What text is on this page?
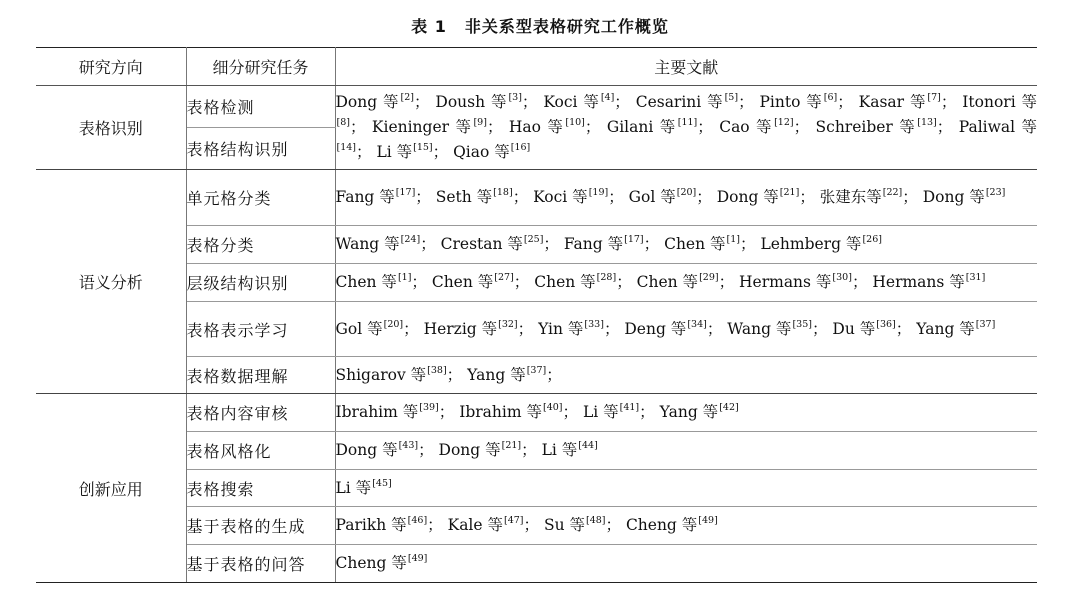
表 1 非关系型表格研究工作概览
研究方向	细分研究任务	主要文献
表格识别	表格检测	Dong 等[2]； Doush 等[3]； Koci 等[4]； Cesarini 等[5]； Pinto 等[6]； Kasar 等[7]； Itonori 等[8]； Kieninger 等[9]； Hao 等[10]； Gilani 等[11]； Cao 等[12]； Schreiber 等[13]； Paliwal 等[14]； Li 等[15]； Qiao 等[16]
	表格结构识别	
语义分析	单元格分类	Fang 等[17]； Seth 等[18]； Koci 等[19]； Gol 等[20]； Dong 等[21]； 张建东等[22]； Dong 等[23]
	表格分类	Wang 等[24]； Crestan 等[25]； Fang 等[17]； Chen 等[1]； Lehmberg 等[26]
	层级结构识别	Chen 等[1]； Chen 等[27]； Chen 等[28]； Chen 等[29]； Hermans 等[30]； Hermans 等[31]
	表格表示学习	Gol 等[20]； Herzig 等[32]； Yin 等[33]； Deng 等[34]； Wang 等[35]； Du 等[36]； Yang 等[37]
	表格数据理解	Shigarov 等[38]； Yang 等[37]；
创新应用	表格内容审核	Ibrahim 等[39]； Ibrahim 等[40]； Li 等[41]； Yang 等[42]
	表格风格化	Dong 等[43]； Dong 等[21]； Li 等[44]
	表格搜索	Li 等[45]
	基于表格的生成	Parikh 等[46]； Kale 等[47]； Su 等[48]； Cheng 等[49]
	基于表格的问答	Cheng 等[49]
